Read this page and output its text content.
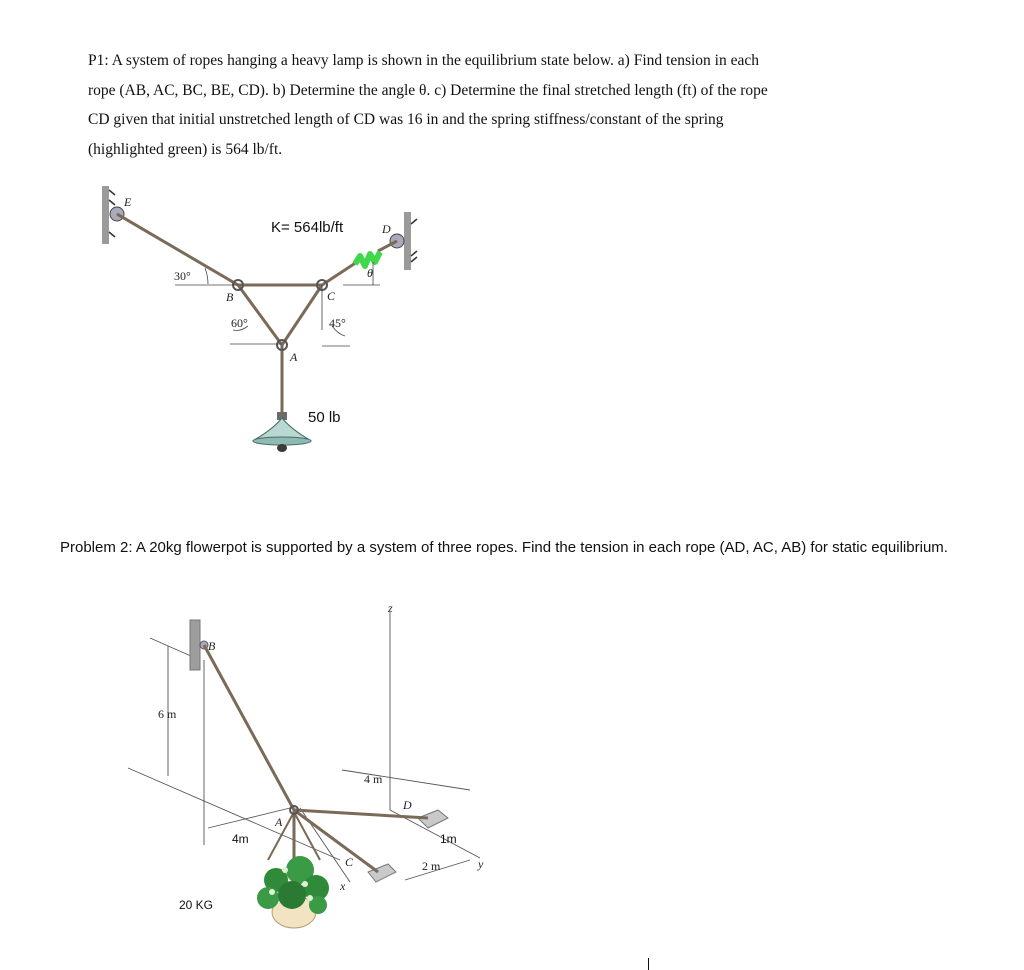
P1: A system of ropes hanging a heavy lamp is shown in the equilibrium state below. a) Find tension in each rope (AB, AC, BC, BE, CD). b) Determine the angle θ. c) Determine the final stretched length (ft) of the rope CD given that initial unstretched length of CD was 16 in and the spring stiffness/constant of the spring (highlighted green) is 564 lb/ft.
E
D
30°
B
60°
C
45°
A
θ
K= 564lb/ft
50 lb
z
B
6 m
4 m
D
A
4m	1m
C	2 m	y
x
20 KG
Problem 2: A 20kg flowerpot is supported by a system of three ropes. Find the tension in each rope (AD, AC, AB) for static equilibrium.
